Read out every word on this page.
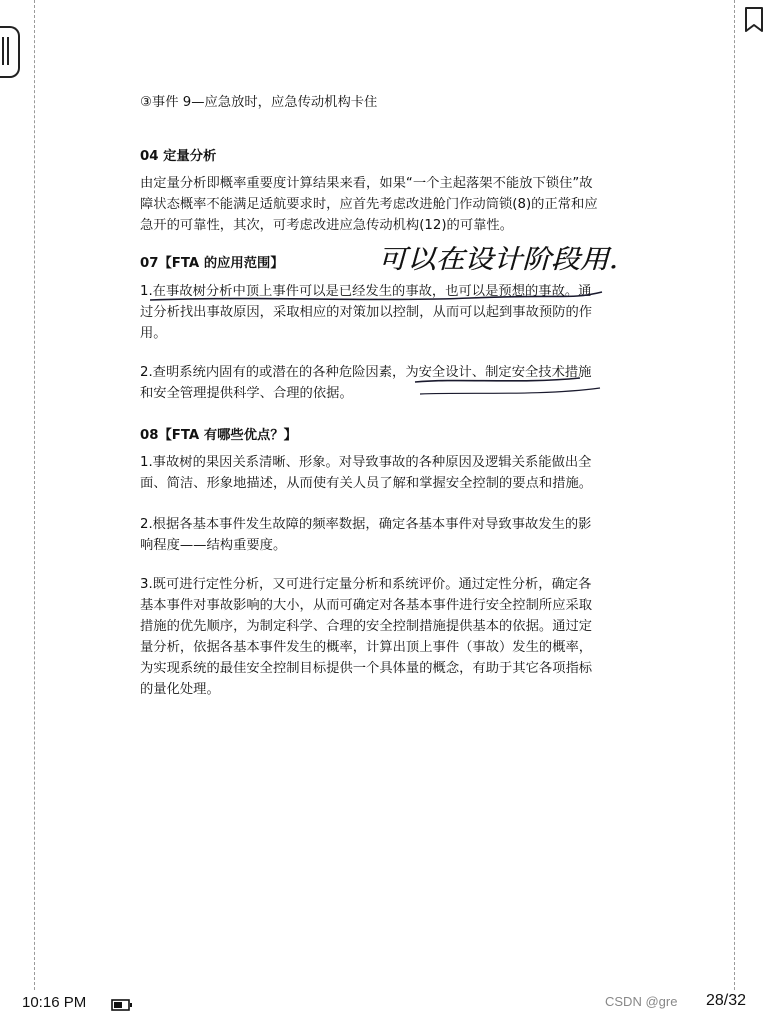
③事件 9—应急放时，应急传动机构卡住
04 定量分析
由定量分析即概率重要度计算结果来看，如果“一个主起落架不能放下锁住”故
障状态概率不能满足适航要求时，应首先考虑改进舱门作动筒锁(8)的正常和应
急开的可靠性，其次，可考虑改进应急传动机构(12)的可靠性。
07【FTA 的应用范围】
1.在事故树分析中顶上事件可以是已经发生的事故，也可以是预想的事故。通
过分析找出事故原因，采取相应的对策加以控制，从而可以起到事故预防的作
用。
2.查明系统内固有的或潜在的各种危险因素，为安全设计、制定安全技术措施
和安全管理提供科学、合理的依据。
08【FTA 有哪些优点？】
1.事故树的果因关系清晰、形象。对导致事故的各种原因及逻辑关系能做出全
面、简洁、形象地描述，从而使有关人员了解和掌握安全控制的要点和措施。
2.根据各基本事件发生故障的频率数据，确定各基本事件对导致事故发生的影
响程度——结构重要度。
3.既可进行定性分析，又可进行定量分析和系统评价。通过定性分析，确定各
基本事件对事故影响的大小，从而可确定对各基本事件进行安全控制所应采取
措施的优先顺序，为制定科学、合理的安全控制措施提供基本的依据。通过定
量分析，依据各基本事件发生的概率，计算出顶上事件（事故）发生的概率，
为实现系统的最佳安全控制目标提供一个具体量的概念，有助于其它各项指标
的量化处理。
可以在设计阶段用.
10:16 PM	CSDN @gre 28/32
